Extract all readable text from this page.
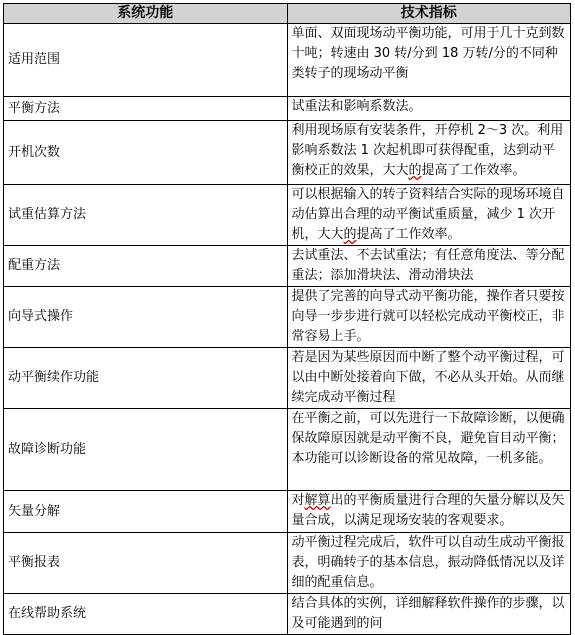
系统功能	技术指标
适用范围	单面、双面现场动平衡功能，可用于几十克到数十吨；转速由 30 转/分到 18 万转/分的不同种类转子的现场动平衡
平衡方法	试重法和影响系数法。
开机次数	利用现场原有安装条件，开停机 2～3 次。利用影响系数法 1 次起机即可获得配重，达到动平衡校正的效果，大大的提高了工作效率。
试重估算方法	可以根据输入的转子资料结合实际的现场环境自动估算出合理的动平衡试重质量，减少 1 次开机，大大的提高了工作效率。
配重方法	去试重法、不去试重法；有任意角度法、等分配重法；添加滑块法、滑动滑块法
向导式操作	提供了完善的向导式动平衡功能，操作者只要按向导一步步进行就可以轻松完成动平衡校正，非常容易上手。
动平衡续作功能	若是因为某些原因而中断了整个动平衡过程，可以由中断处接着向下做，不必从头开始。从而继续完成动平衡过程
故障诊断功能	在平衡之前，可以先进行一下故障诊断，以便确保故障原因就是动平衡不良，避免盲目动平衡；本功能可以诊断设备的常见故障，一机多能。
矢量分解	对解算出的平衡质量进行合理的矢量分解以及矢量合成，以满足现场安装的客观要求。
平衡报表	动平衡过程完成后，软件可以自动生成动平衡报表，明确转子的基本信息，振动降低情况以及详细的配重信息。
在线帮助系统	结合具体的实例，详细解释软件操作的步骤，以及可能遇到的问
